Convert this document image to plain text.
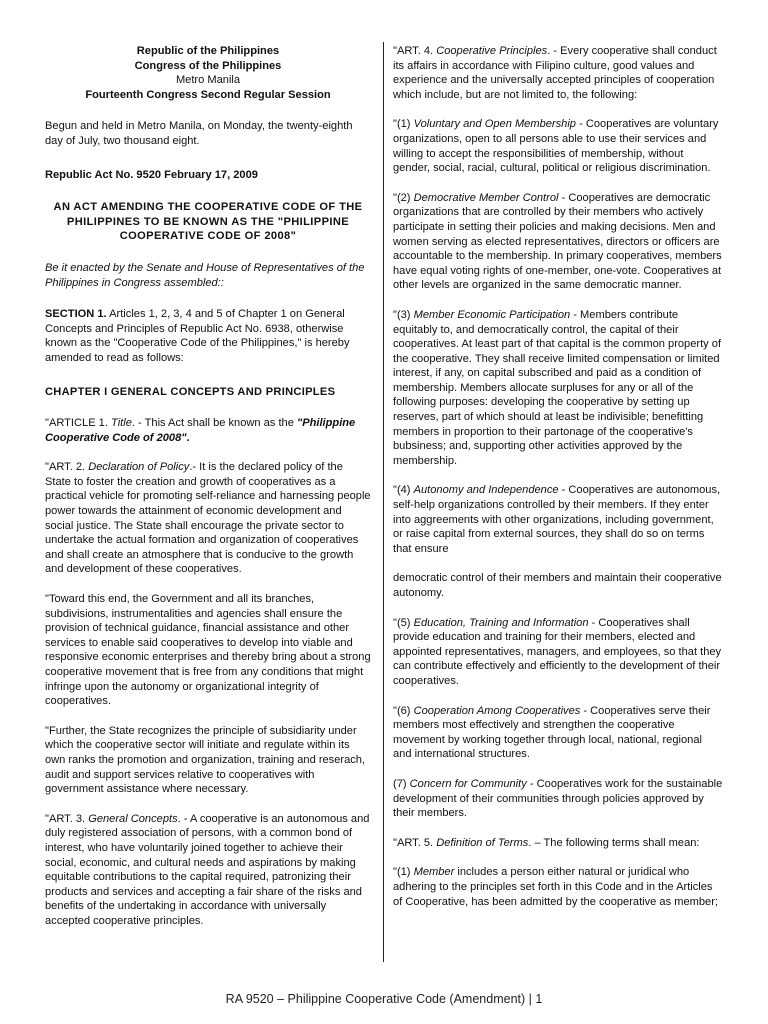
Republic of the Philippines

Congress of the Philippines

Metro Manila

Fourteenth Congress Second Regular Session

Begun and held in Metro Manila, on Monday, the twenty-eighth day of July, two thousand eight.

Republic Act No. 9520 February 17, 2009

AN ACT AMENDING THE COOPERATIVE CODE OF THE PHILIPPINES TO BE KNOWN AS THE "PHILIPPINE COOPERATIVE CODE OF 2008"

Be it enacted by the Senate and House of Representatives of the Philippines in Congress assembled::

SECTION 1. Articles 1, 2, 3, 4 and 5 of Chapter 1 on General Concepts and Principles of Republic Act No. 6938, otherwise known as the "Cooperative Code of the Philippines," is hereby amended to read as follows:

CHAPTER I GENERAL CONCEPTS AND PRINCIPLES

"ARTICLE 1. Title. - This Act shall be known as the "Philippine Cooperative Code of 2008".

"ART. 2. Declaration of Policy.- It is the declared policy of the State to foster the creation and growth of cooperatives as a practical vehicle for promoting self-reliance and harnessing people power towards the attainment of economic development and social justice. The State shall encourage the private sector to undertake the actual formation and organization of cooperatives and shall create an atmosphere that is conducive to the growth and development of these cooperatives.

"Toward this end, the Government and all its branches, subdivisions, instrumentalities and agencies shall ensure the provision of technical guidance, financial assistance and other services to enable said cooperatives to develop into viable and responsive economic enterprises and thereby bring about a strong cooperative movement that is free from any conditions that might infringe upon the autonomy or organizational integrity of cooperatives.

"Further, the State recognizes the principle of subsidiarity under which the cooperative sector will initiate and regulate within its own ranks the promotion and organization, training and reserach, audit and support services relative to cooperatives with government assistance where necessary.

"ART. 3. General Concepts. - A cooperative is an autonomous and duly registered association of persons, with a common bond of interest, who have voluntarily joined together to achieve their social, economic, and cultural needs and aspirations by making equitable contributions to the capital required, patronizing their products and services and accepting a fair share of the risks and benefits of the undertaking in accordance with universally accepted cooperative principles.

"ART. 4. Cooperative Principles. - Every cooperative shall conduct its affairs in accordance with Filipino culture, good values and experience and the universally accepted principles of cooperation which include, but are not limited to, the following:

"(1) Voluntary and Open Membership - Cooperatives are voluntary organizations, open to all persons able to use their services and willing to accept the responsibilities of membership, without gender, social, racial, cultural, political or religious discrimination.

"(2) Democrative Member Control - Cooperatives are democratic organizations that are controlled by their members who actively participate in setting their policies and making decisions. Men and women serving as elected representatives, directors or officers are accountable to the membership. In primary cooperatives, members have equal voting rights of one-member, one-vote. Cooperatives at other levels are organized in the same democratic manner.

"(3) Member Economic Participation - Members contribute equitably to, and democratically control, the capital of their cooperatives. At least part of that capital is the common property of the cooperative. They shall receive limited compensation or limited interest, if any, on capital subscribed and paid as a condition of membership. Members allocate surpluses for any or all of the following purposes: developing the cooperative by setting up reserves, part of which should at least be indivisible; benefitting members in proportion to their partonage of the cooperative's bubsiness; and, supporting other activities approved by the membership.

"(4) Autonomy and Independence - Cooperatives are autonomous, self-help organizations controlled by their members. If they enter into aggreements with other organizations, including government, or raise capital from external sources, they shall do so on terms that ensure

democratic control of their members and maintain their cooperative autonomy.

"(5) Education, Training and Information - Cooperatives shall provide education and training for their members, elected and appointed representatives, managers, and employees, so that they can contribute effectively and efficiently to the development of their cooperatives.

"(6) Cooperation Among Cooperatives - Cooperatives serve their members most effectively and strengthen the cooperative movement by working together through local, national, regional and international structures.

(7) Concern for Community - Cooperatives work for the sustainable development of their communities through policies approved by their members.

"ART. 5. Definition of Terms. – The following terms shall mean:

"(1) Member includes a person either natural or juridical who adhering to the principles set forth in this Code and in the Articles of Cooperative, has been admitted by the cooperative as member;

RA 9520 – Philippine Cooperative Code (Amendment) | 1
